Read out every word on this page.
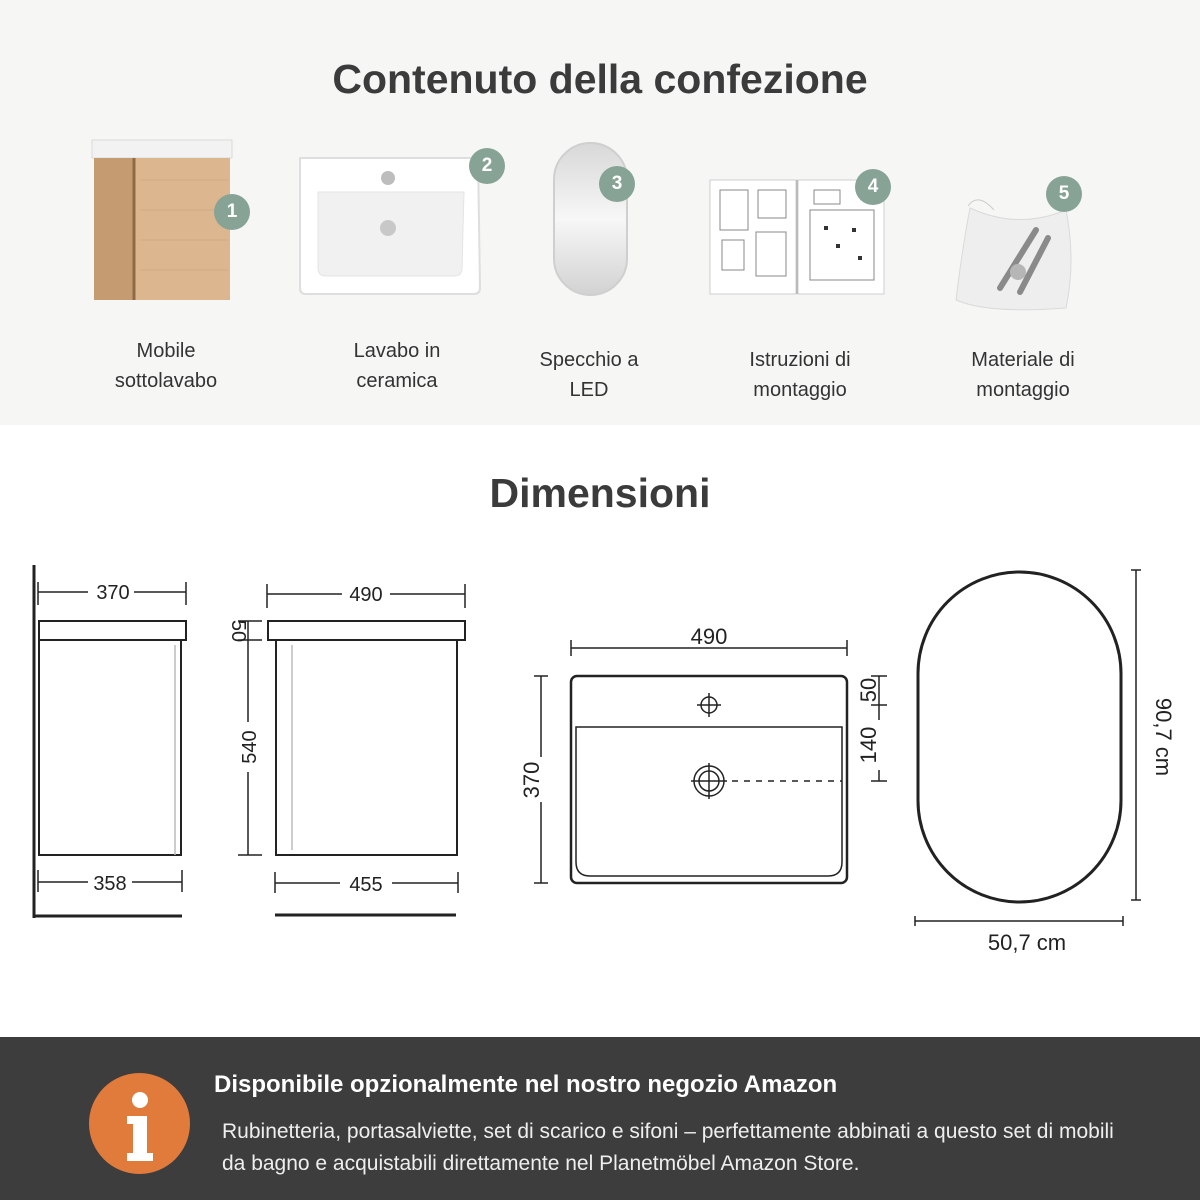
Contenuto della confezione
1
Mobile
sottolavabo
2
Lavabo in
ceramica
3
Specchio a
LED
4
Istruzioni di
montaggio
5
Materiale di
montaggio
Dimensioni
370
358
490
455
50
540
490
370
50
140	90,7 cm
50,7 cm
Disponibile opzionalmente nel nostro negozio Amazon
Rubinetteria, portasalviette, set di scarico e sifoni – perfettamente abbinati a questo set di mobili da bagno e acquistabili direttamente nel Planetmöbel Amazon Store.
